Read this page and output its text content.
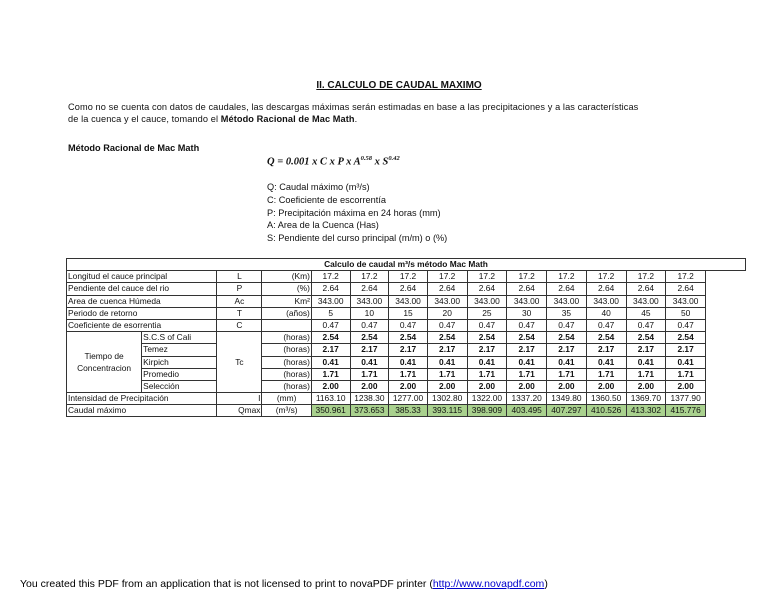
II. CALCULO DE CAUDAL MAXIMO
Como no se cuenta con datos de caudales, las descargas máximas serán estimadas en base a las precipitaciones y a las características
de la cuenca y el cauce, tomando el Método Racional de Mac Math.
Método Racional de Mac Math
Q = 0.001 x C x P x $A^{0.58}$ x $S^{0.42}$
Q: Caudal máximo (m³/s)
C: Coeficiente de escorrentía
P: Precipitación máxima en 24 horas (mm)
A: Area de la Cuenca (Has)
S: Pendiente del curso principal (m/m) o (%)
Calculo de caudal m³/s método Mac Math													
Longitud el cauce principal		L	(Km)	17.2	17.2	17.2	17.2	17.2	17.2	17.2	17.2	17.2	17.2
Pendiente del cauce del rio		P	(%)	2.64	2.64	2.64	2.64	2.64	2.64	2.64	2.64	2.64	2.64
Area de cuenca Húmeda		Ac	Km²	343.00	343.00	343.00	343.00	343.00	343.00	343.00	343.00	343.00	343.00
Periodo de retorno		T	(años)	5	10	15	20	25	30	35	40	45	50
Coeficiente de esorrentia		C		0.47	0.47	0.47	0.47	0.47	0.47	0.47	0.47	0.47	0.47

Tiempo de
Concentracion	S.C.S of Cali	Tc	(horas)	2.54	2.54	2.54	2.54	2.54	2.54	2.54	2.54	2.54	2.54
	Temez		(horas)	2.17	2.17	2.17	2.17	2.17	2.17	2.17	2.17	2.17	2.17
	Kirpich		(horas)	0.41	0.41	0.41	0.41	0.41	0.41	0.41	0.41	0.41	0.41
	Promedio		(horas)	1.71	1.71	1.71	1.71	1.71	1.71	1.71	1.71	1.71	1.71
	Selección		(horas)	2.00	2.00	2.00	2.00	2.00	2.00	2.00	2.00	2.00	2.00
Intensidad de Precipitación		I	(mm)	1163.10	1238.30	1277.00	1302.80	1322.00	1337.20	1349.80	1360.50	1369.70	1377.90
Caudal máximo		Qmax	(m³/s)	350.961	373.653	385.33	393.115	398.909	403.495	407.297	410.526	413.302	415.776
You created this PDF from an application that is not licensed to print to novaPDF printer (http://www.novapdf.com)
